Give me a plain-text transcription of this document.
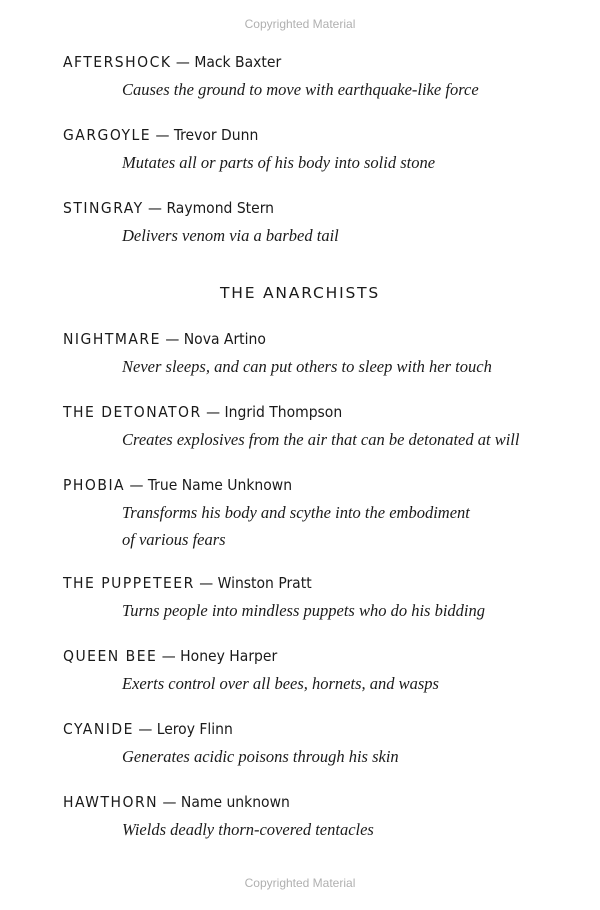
Copyrighted Material

AFTERSHOCK — Mack Baxter

Causes the ground to move with earthquake-like force

GARGOYLE — Trevor Dunn

Mutates all or parts of his body into solid stone

STINGRAY — Raymond Stern

Delivers venom via a barbed tail

THE ANARCHISTS

NIGHTMARE — Nova Artino

Never sleeps, and can put others to sleep with her touch

THE DETONATOR — Ingrid Thompson

Creates explosives from the air that can be detonated at will

PHOBIA — True Name Unknown

Transforms his body and scythe into the embodiment of various fears

THE PUPPETEER — Winston Pratt

Turns people into mindless puppets who do his bidding

QUEEN BEE — Honey Harper

Exerts control over all bees, hornets, and wasps

CYANIDE — Leroy Flinn

Generates acidic poisons through his skin

HAWTHORN — Name unknown

Wields deadly thorn-covered tentacles

Copyrighted Material
